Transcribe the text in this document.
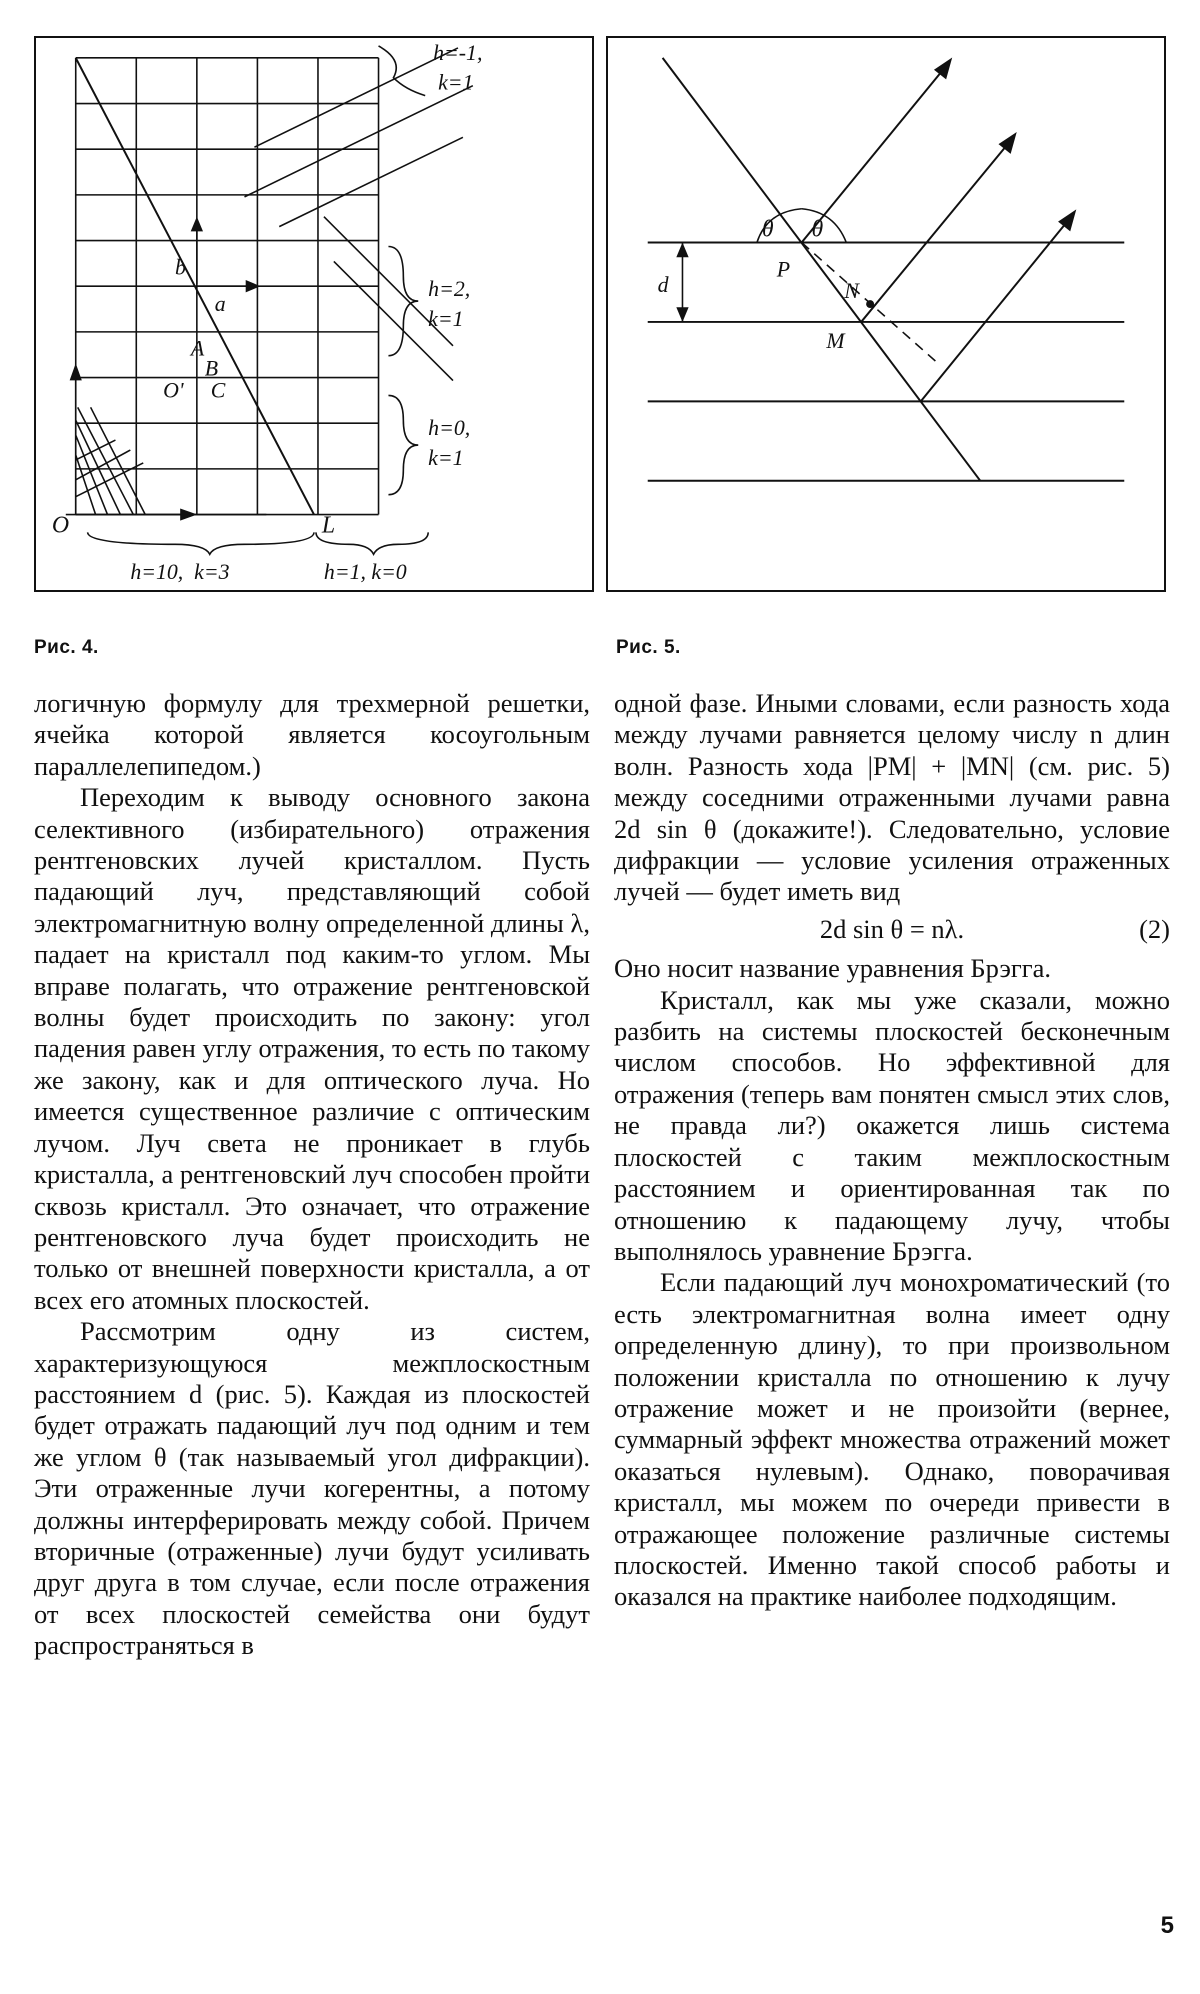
O	L
O'
A
B
C
a
b
h=-1,
k=1
h=2,
k=1
h=0,
k=1
h=10,  k=3	h=1, k=0
θ θ
P
N
M
d
Рис. 4.	Рис. 5.

логичную формулу для трехмерной решетки, ячейка которой является косоугольным параллелепипедом.)

Переходим к выводу основного закона селективного (избирательного) отражения рентгеновских лучей кристаллом. Пусть падающий луч, представляющий собой электромагнитную волну определенной длины λ, падает на кристалл под каким-то углом. Мы вправе полагать, что отражение рентгеновской волны будет происходить по закону: угол падения равен углу отражения, то есть по такому же закону, как и для оптического луча. Но имеется существенное различие с оптическим лучом. Луч света не проникает в глубь кристалла, а рентгеновский луч способен пройти сквозь кристалл. Это означает, что отражение рентгеновского луча будет происходить не только от внешней поверхности кристалла, а от всех его атомных плоскостей.

Рассмотрим одну из систем, характеризующуюся межплоскостным расстоянием d (рис. 5). Каждая из плоскостей будет отражать падающий луч под одним и тем же углом θ (так называемый угол дифракции). Эти отраженные лучи когерентны, а потому должны интерферировать между собой. Причем вторичные (отраженные) лучи будут усиливать друг друга в том случае, если после отражения от всех плоскостей семейства они будут распространяться в

одной фазе. Иными словами, если разность хода между лучами равняется целому числу n длин волн. Разность хода |PM| + |MN| (см. рис. 5) между соседними отраженными лучами равна 2d sin θ (докажите!). Следовательно, условие дифракции — условие усиления отраженных лучей — будет иметь вид

2d sin θ = nλ.	(2)

Оно носит название уравнения Брэгга.

Кристалл, как мы уже сказали, можно разбить на системы плоскостей бесконечным числом способов. Но эффективной для отражения (теперь вам понятен смысл этих слов, не правда ли?) окажется лишь система плоскостей с таким межплоскостным расстоянием и ориентированная так по отношению к падающему лучу, чтобы выполнялось уравнение Брэгга.

Если падающий луч монохроматический (то есть электромагнитная волна имеет одну определенную длину), то при произвольном положении кристалла по отношению к лучу отражение может и не произойти (вернее, суммарный эффект множества отражений может оказаться нулевым). Однако, поворачивая кристалл, мы можем по очереди привести в отражающее положение различные системы плоскостей. Именно такой способ работы и оказался на практике наиболее подходящим.

5
